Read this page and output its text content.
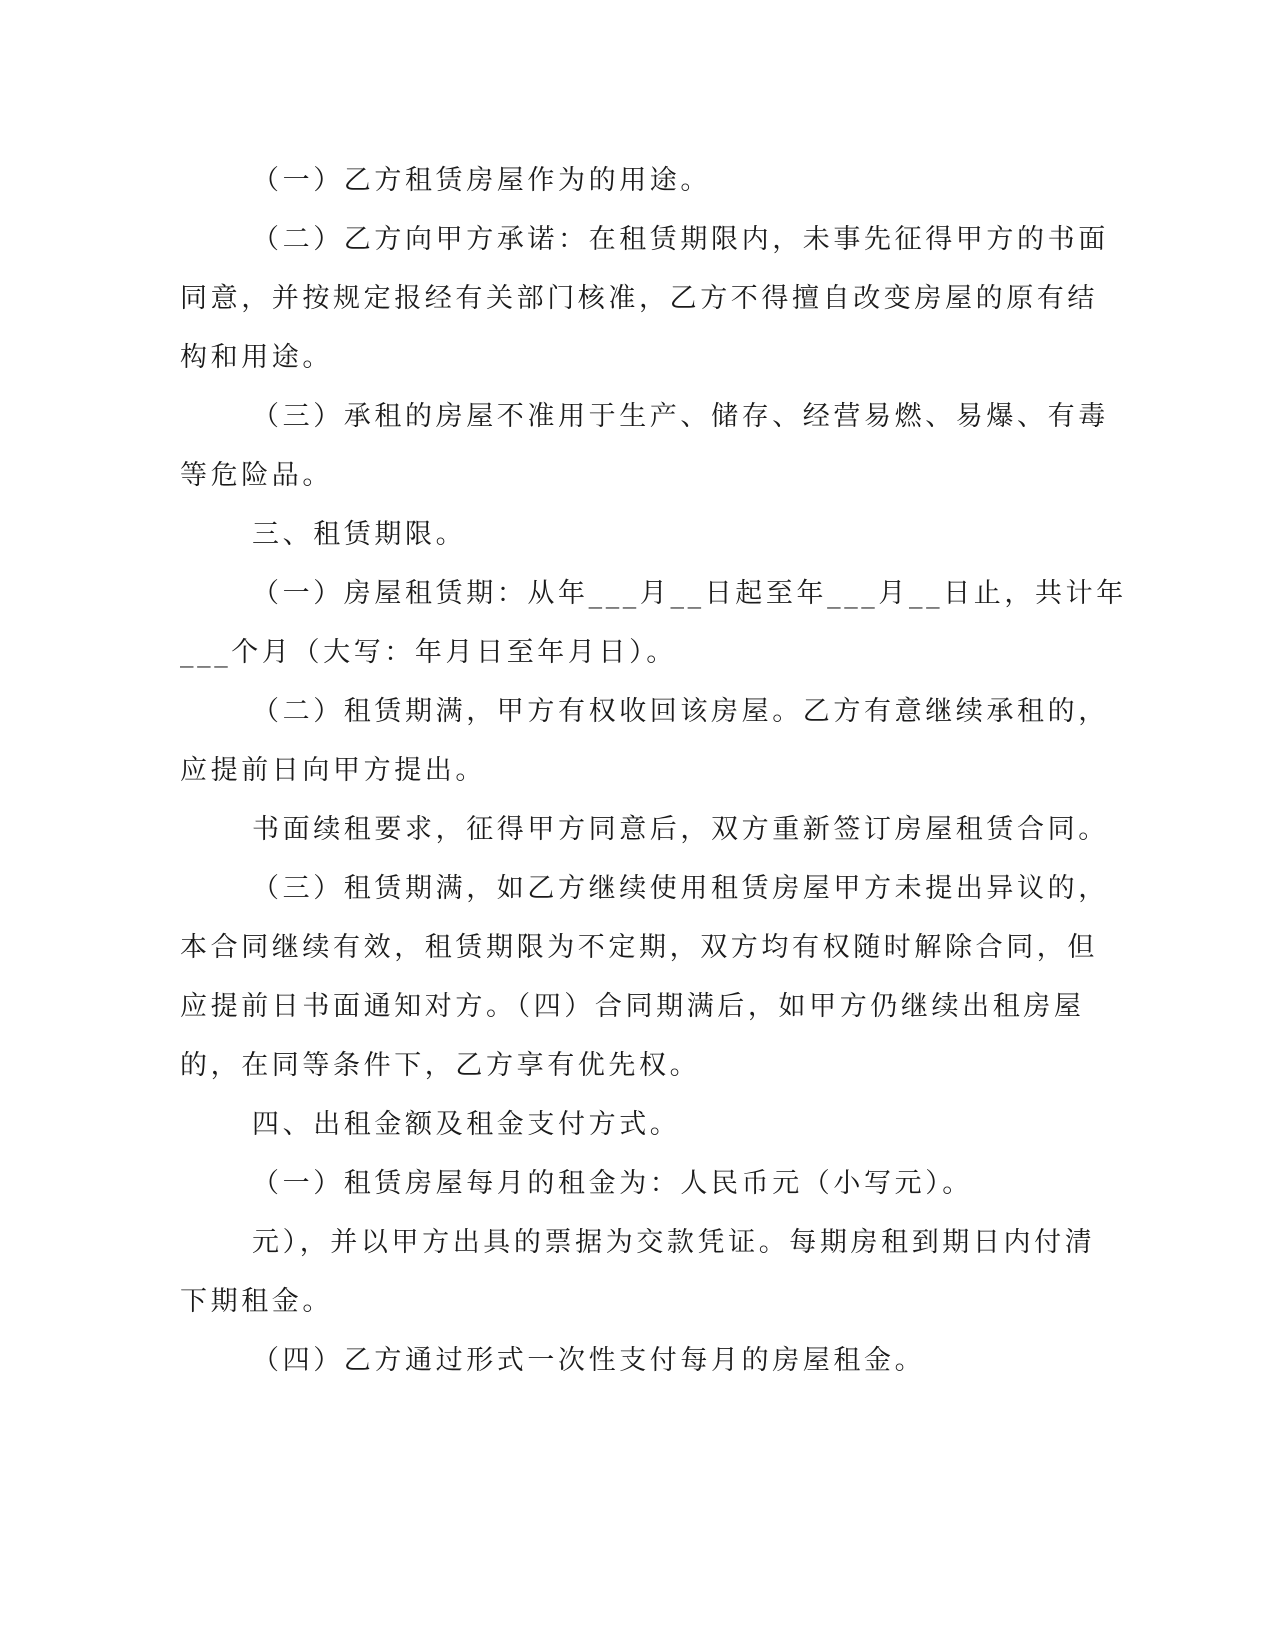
（一）乙方租赁房屋作为的用途。
（二）乙方向甲方承诺：在租赁期限内，未事先征得甲方的书面
同意，并按规定报经有关部门核准，乙方不得擅自改变房屋的原有结
构和用途。
（三）承租的房屋不准用于生产、储存、经营易燃、易爆、有毒
等危险品。
三、租赁期限。
（一）房屋租赁期：从年___月__日起至年___月__日止，共计年
___个月（大写：年月日至年月日）。
（二）租赁期满，甲方有权收回该房屋。乙方有意继续承租的，
应提前日向甲方提出。
书面续租要求，征得甲方同意后，双方重新签订房屋租赁合同。
（三）租赁期满，如乙方继续使用租赁房屋甲方未提出异议的，
本合同继续有效，租赁期限为不定期，双方均有权随时解除合同，但
应提前日书面通知对方。（四）合同期满后，如甲方仍继续出租房屋
的，在同等条件下，乙方享有优先权。
四、出租金额及租金支付方式。
（一）租赁房屋每月的租金为：人民币元（小写元）。
元），并以甲方出具的票据为交款凭证。每期房租到期日内付清
下期租金。
（四）乙方通过形式一次性支付每月的房屋租金。
